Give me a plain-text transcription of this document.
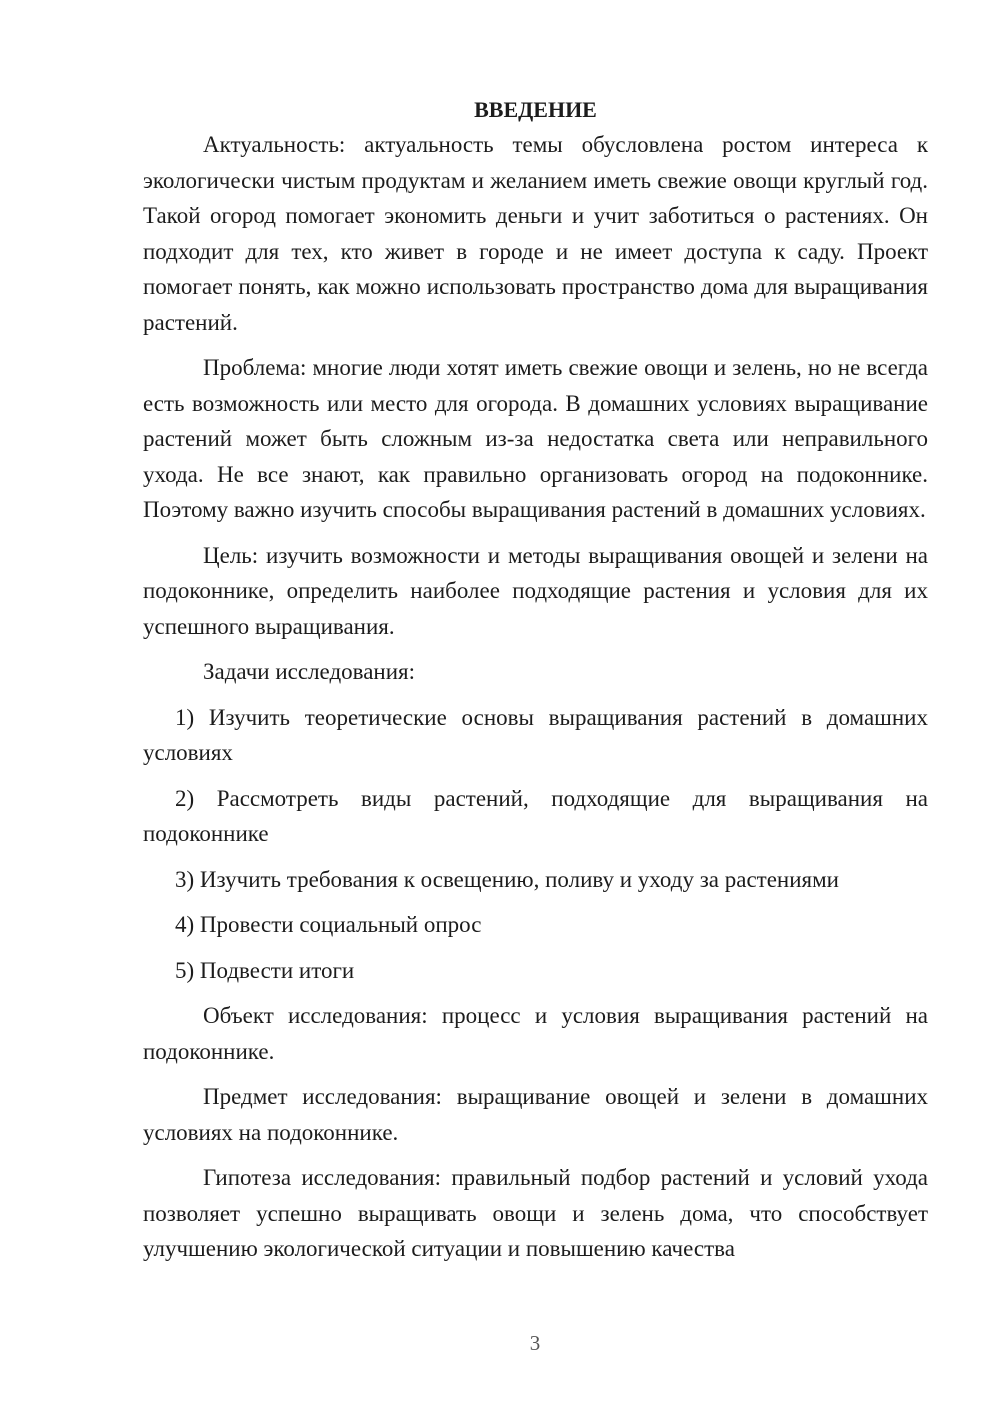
ВВЕДЕНИЕ

Актуальность: актуальность темы обусловлена ростом интереса к экологически чистым продуктам и желанием иметь свежие овощи круглый год. Такой огород помогает экономить деньги и учит заботиться о растениях. Он подходит для тех, кто живет в городе и не имеет доступа к саду. Проект помогает понять, как можно использовать пространство дома для выращивания растений.

Проблема: многие люди хотят иметь свежие овощи и зелень, но не всегда есть возможность или место для огорода. В домашних условиях выращивание растений может быть сложным из-за недостатка света или неправильного ухода. Не все знают, как правильно организовать огород на подоконнике. Поэтому важно изучить способы выращивания растений в домашних условиях.

Цель: изучить возможности и методы выращивания овощей и зелени на подоконнике, определить наиболее подходящие растения и условия для их успешного выращивания.

Задачи исследования:

1) Изучить теоретические основы выращивания растений в домашних условиях

2) Рассмотреть виды растений, подходящие для выращивания на подоконнике

3) Изучить требования к освещению, поливу и уходу за растениями

4) Провести социальный опрос

5) Подвести итоги

Объект исследования: процесс и условия выращивания растений на подоконнике.

Предмет исследования: выращивание овощей и зелени в домашних условиях на подоконнике.

Гипотеза исследования: правильный подбор растений и условий ухода позволяет успешно выращивать овощи и зелень дома, что способствует улучшению экологической ситуации и повышению качества

3
